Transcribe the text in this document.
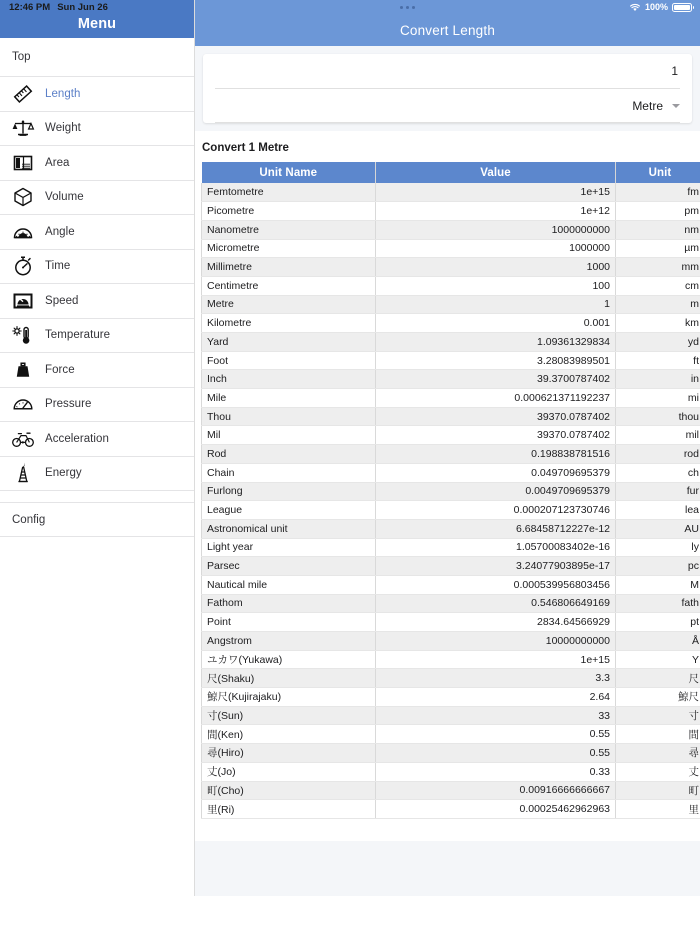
Menu
Top
Length
Weight
Area
Volume
Angle
Time
Speed
Temperature
Force
Pressure
Acceleration
Energy
Config
Convert Length
1
Metre
Convert 1 Metre
Unit Name	Value	Unit	
Femtometre	1e+15	fm	
Picometre	1e+12	pm	
Nanometre	1000000000	nm	
Micrometre	1000000	µm	
Millimetre	1000	mm	
Centimetre	100	cm	
Metre	1	m	
Kilometre	0.001	km	
Yard	1.09361329834	yd	
Foot	3.28083989501	ft	
Inch	39.3700787402	in	
Mile	0.000621371192237	mi	
Thou	39370.0787402	thou	
Mil	39370.0787402	mil	
Rod	0.198838781516	rod	
Chain	0.049709695379	ch	
Furlong	0.0049709695379	fur	
League	0.000207123730746	lea	
Astronomical unit	6.68458712227e-12	AU	
Light year	1.05700083402e-16	ly	
Parsec	3.24077903895e-17	pc	
Nautical mile	0.000539956803456	M	
Fathom	0.546806649169	fath	
Point	2834.64566929	pt	
Angstrom	10000000000	Å	
ユカワ(Yukawa)	1e+15	Y	
尺(Shaku)	3.3	尺	
鯨尺(Kujirajaku)	2.64	鯨尺	
寸(Sun)	33	寸	
間(Ken)	0.55	間	
尋(Hiro)	0.55	尋	
丈(Jo)	0.33	丈	
町(Cho)	0.00916666666667	町	
里(Ri)	0.00025462962963	里	
12:46 PM Sun Jun 26	100%
